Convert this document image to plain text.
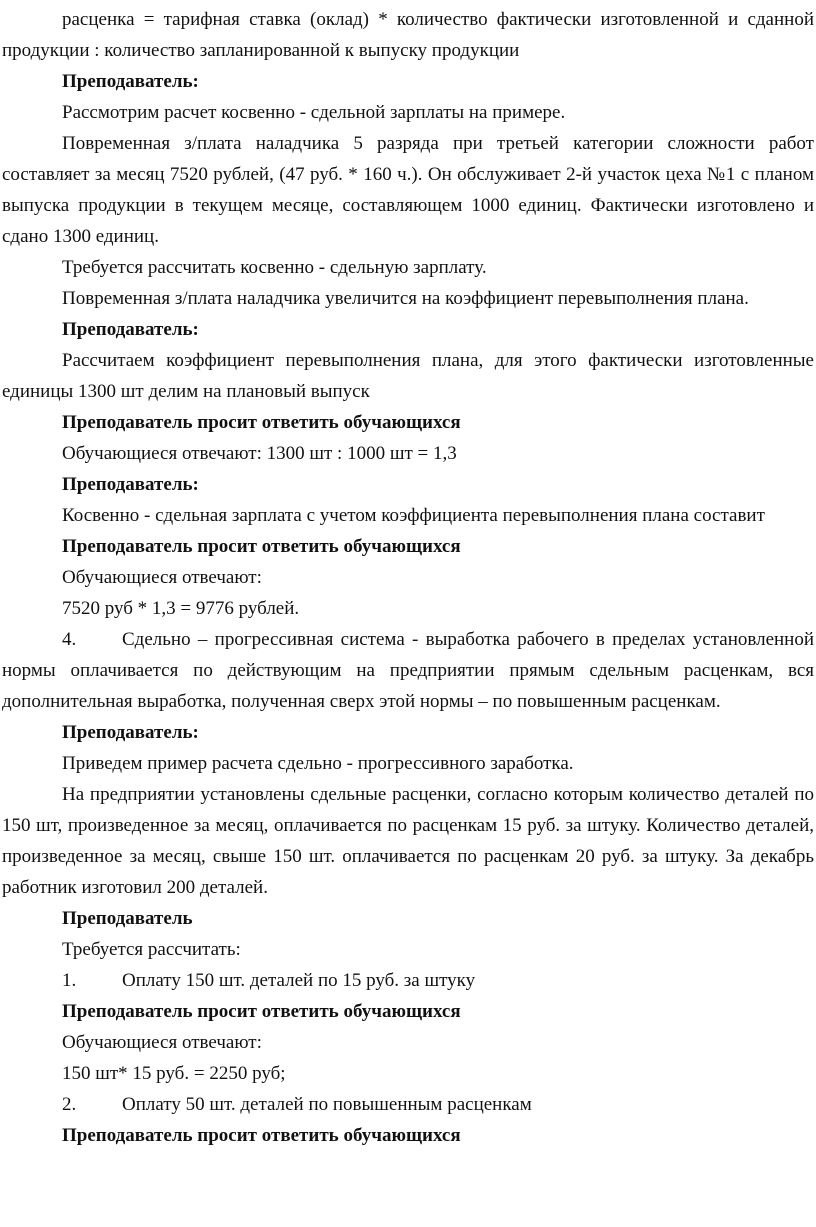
расценка = тарифная ставка (оклад) * количество фактически изготовленной и сданной продукции : количество запланированной к выпуску продукции

Преподаватель:

Рассмотрим расчет косвенно - сдельной зарплаты на примере.

Повременная з/плата наладчика 5 разряда при третьей категории сложности работ составляет за месяц 7520 рублей, (47 руб. * 160 ч.). Он обслуживает 2-й участок цеха №1 с планом выпуска продукции в текущем месяце, составляющем 1000 единиц. Фактически изготовлено и сдано 1300 единиц.

Требуется рассчитать косвенно - сдельную зарплату.

Повременная з/плата наладчика увеличится на коэффициент перевыполнения плана.

Преподаватель:

Рассчитаем коэффициент перевыполнения плана, для этого фактически изготовленные единицы 1300 шт делим на плановый выпуск

Преподаватель просит ответить обучающихся

Обучающиеся отвечают: 1300 шт : 1000 шт = 1,3

Преподаватель:

Косвенно - сдельная зарплата с учетом коэффициента перевыполнения плана составит

Преподаватель просит ответить обучающихся

Обучающиеся отвечают:

7520 руб * 1,3 = 9776 рублей.

4. Сдельно – прогрессивная система - выработка рабочего в пределах установленной нормы оплачивается по действующим на предприятии прямым сдельным расценкам, вся дополнительная выработка, полученная сверх этой нормы – по повышенным расценкам.

Преподаватель:

Приведем пример расчета сдельно - прогрессивного заработка.

На предприятии установлены сдельные расценки, согласно которым количество деталей по 150 шт, произведенное за месяц, оплачивается по расценкам 15 руб. за штуку. Количество деталей, произведенное за месяц, свыше 150 шт. оплачивается по расценкам 20 руб. за штуку. За декабрь работник изготовил 200 деталей.

Преподаватель

Требуется рассчитать:

1. Оплату 150 шт. деталей по 15 руб. за штуку

Преподаватель просит ответить обучающихся

Обучающиеся отвечают:

150 шт* 15 руб. = 2250 руб;

2. Оплату 50 шт. деталей по повышенным расценкам

Преподаватель просит ответить обучающихся
